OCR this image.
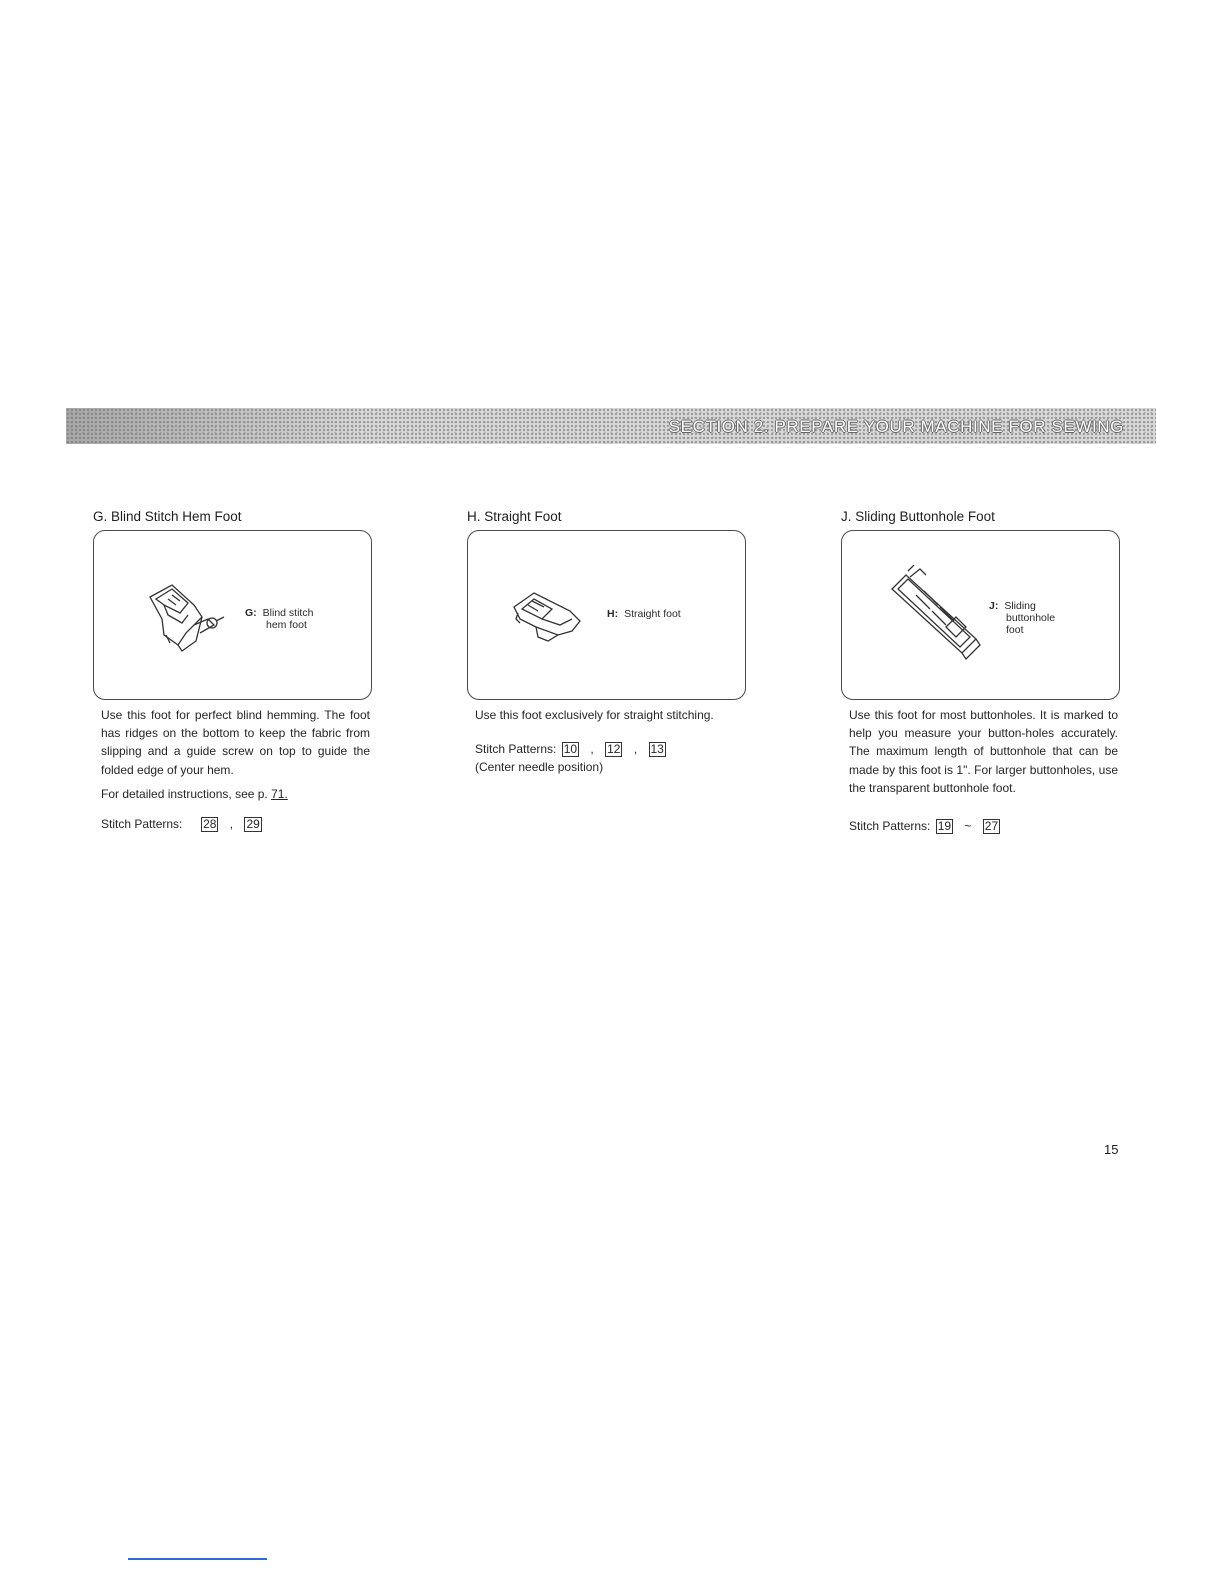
SECTION 2. PREPARE YOUR MACHINE FOR SEWING
G. Blind Stitch Hem Foot
G: Blind stitch
hem foot
Use this foot for perfect blind hemming. The foot has ridges on the bottom to keep the fabric from slipping and a guide screw on top to guide the folded edge of your hem.
For detailed instructions, see p. 71.
Stitch Patterns: 28 , 29
H. Straight Foot
H: Straight foot
Use this foot exclusively for straight stitching.
Stitch Patterns: 10 , 12 , 13
(Center needle position)
J. Sliding Buttonhole Foot
J: Sliding
buttonhole
foot
Use this foot for most buttonholes. It is marked to help you measure your button-holes accurately. The maximum length of buttonhole that can be made by this foot is 1". For larger buttonholes, use the transparent buttonhole foot.
Stitch Patterns: 19 ~ 27
15
